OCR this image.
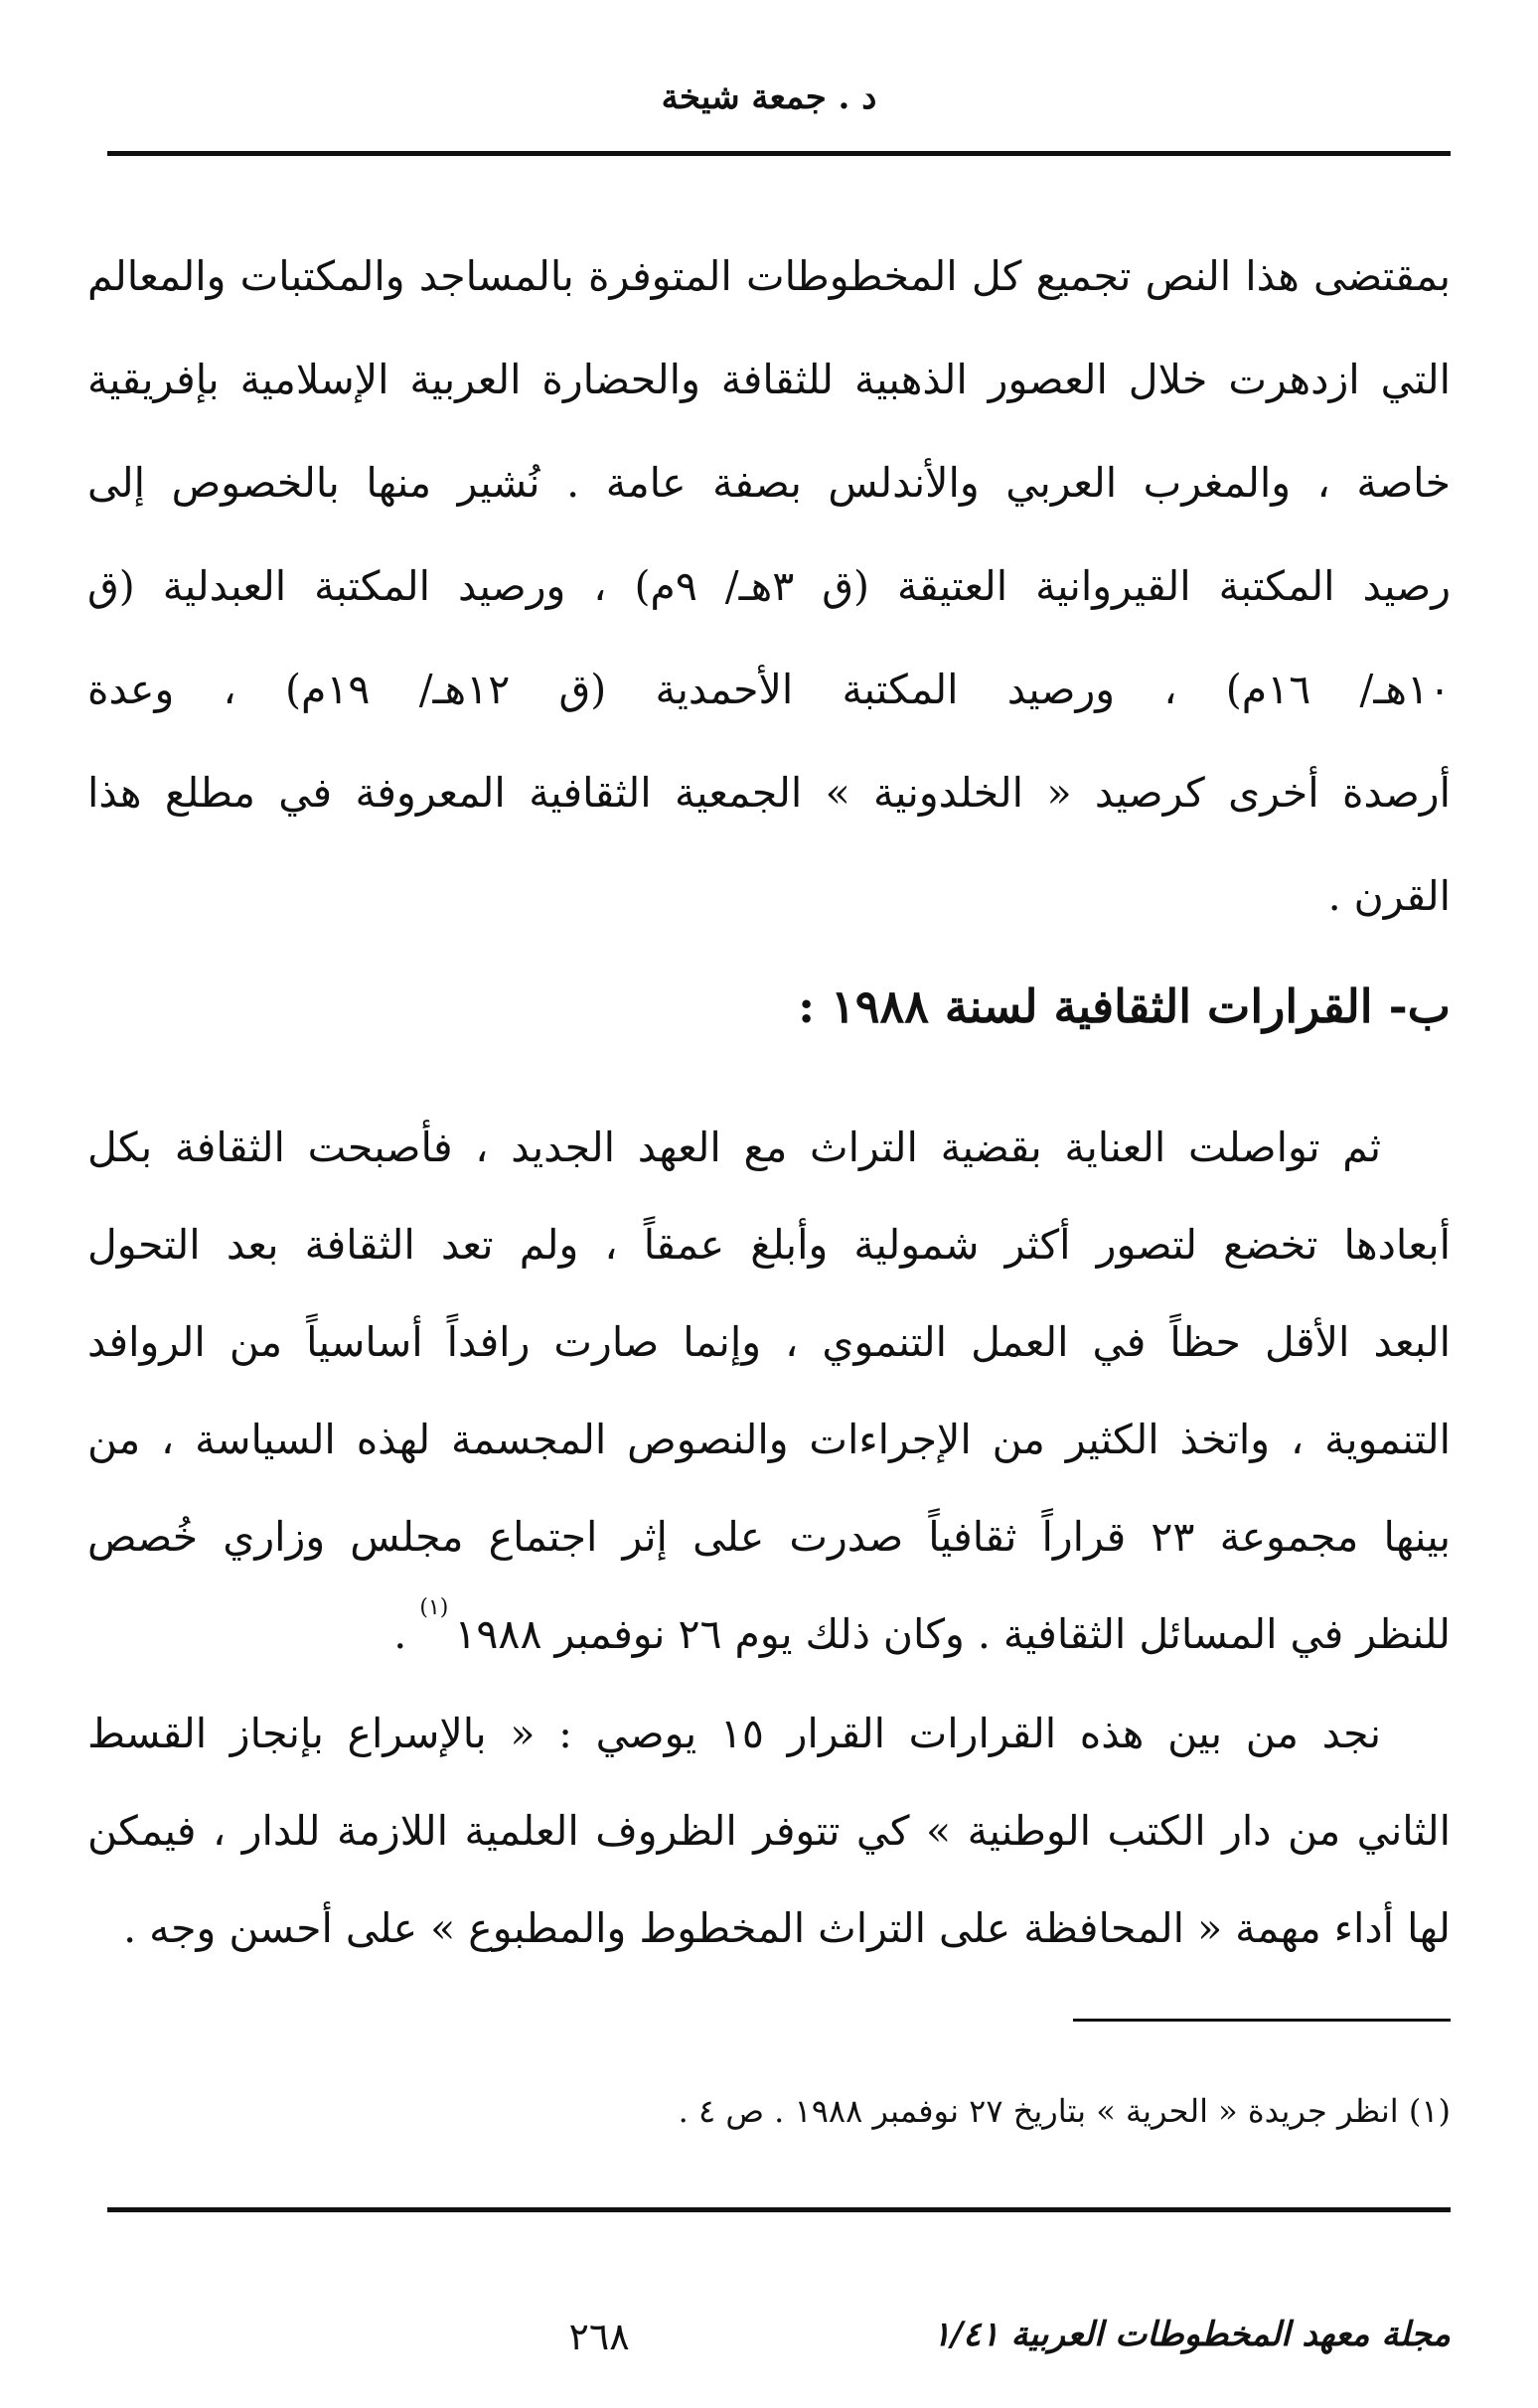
د . جمعة شيخة
بمقتضى هذا النص تجميع كل المخطوطات المتوفرة بالمساجد والمكتبات والمعالم
التي ازدهرت خلال العصور الذهبية للثقافة والحضارة العربية الإسلامية بإفريقية
خاصة ، والمغرب العربي والأندلس بصفة عامة . نُشير منها بالخصوص إلى
رصيد المكتبة القيروانية العتيقة (ق ٣هـ/ ٩م) ، ورصيد المكتبة العبدلية (ق
١٠هـ/ ١٦م) ، ورصيد المكتبة الأحمدية (ق ١٢هـ/ ١٩م) ، وعدة
أرصدة أخرى كرصيد « الخلدونية » الجمعية الثقافية المعروفة في مطلع هذا
القرن .
ب- القرارات الثقافية لسنة ١٩٨٨ :
ثم تواصلت العناية بقضية التراث مع العهد الجديد ، فأصبحت الثقافة بكل
أبعادها تخضع لتصور أكثر شمولية وأبلغ عمقاً ، ولم تعد الثقافة بعد التحول
البعد الأقل حظاً في العمل التنموي ، وإنما صارت رافداً أساسياً من الروافد
التنموية ، واتخذ الكثير من الإجراءات والنصوص المجسمة لهذه السياسة ، من
بينها مجموعة ٢٣ قراراً ثقافياً صدرت على إثر اجتماع مجلس وزاري خُصص
للنظر في المسائل الثقافية . وكان ذلك يوم ٢٦ نوفمبر ١٩٨٨$^{(١)}$ .
نجد من بين هذه القرارات القرار ١٥ يوصي : « بالإسراع بإنجاز القسط
الثاني من دار الكتب الوطنية » كي تتوفر الظروف العلمية اللازمة للدار ، فيمكن
لها أداء مهمة « المحافظة على التراث المخطوط والمطبوع » على أحسن وجه .
(١) انظر جريدة « الحرية » بتاريخ ٢٧ نوفمبر ١٩٨٨ . ص ٤ .
مجلة معهد المخطوطات العربية ١/٤١
٢٦٨
